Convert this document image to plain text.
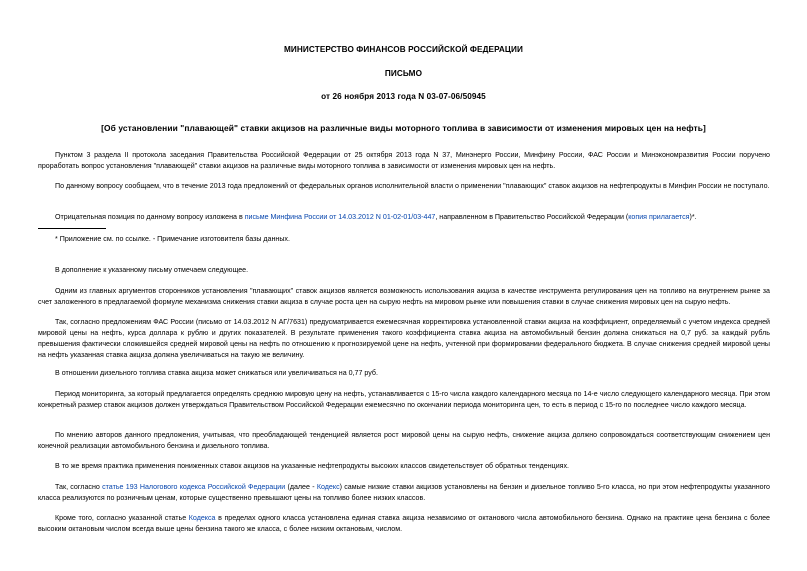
МИНИСТЕРСТВО ФИНАНСОВ РОССИЙСКОЙ ФЕДЕРАЦИИ
ПИСЬМО
от 26 ноября 2013 года N 03-07-06/50945
[Об установлении "плавающей" ставки акцизов на различные виды моторного топлива в зависимости от изменения мировых цен на нефть]
Пунктом 3 раздела II протокола заседания Правительства Российской Федерации от 25 октября 2013 года N 37, Минэнерго России, Минфину России, ФАС России и Минэкономразвития России поручено проработать вопрос установления "плавающей" ставки акцизов на различные виды моторного топлива в зависимости от изменения мировых цен на нефть.
По данному вопросу сообщаем, что в течение 2013 года предложений от федеральных органов исполнительной власти о применении "плавающих" ставок акцизов на нефтепродукты в Минфин России не поступало.
Отрицательная позиция по данному вопросу изложена в письме Минфина России от 14.03.2012 N 01-02-01/03-447, направленном в Правительство Российской Федерации (копия прилагается)*.
* Приложение см. по ссылке. - Примечание изготовителя базы данных.
В дополнение к указанному письму отмечаем следующее.
Одним из главных аргументов сторонников установления "плавающих" ставок акцизов является возможность использования акциза в качестве инструмента регулирования цен на топливо на внутреннем рынке за счет заложенного в предлагаемой формуле механизма снижения ставки акциза в случае роста цен на сырую нефть на мировом рынке или повышения ставки в случае снижения мировых цен на сырую нефть.
Так, согласно предложениям ФАС России (письмо от 14.03.2012 N АГ/7631) предусматривается ежемесячная корректировка установленной ставки акциза на коэффициент, определяемый с учетом индекса средней мировой цены на нефть, курса доллара к рублю и других показателей. В результате применения такого коэффициента ставка акциза на автомобильный бензин должна снижаться на 0,7 руб. за каждый рубль превышения фактически сложившейся средней мировой цены на нефть по отношению к прогнозируемой цене на нефть, учтенной при формировании федерального бюджета. В случае снижения средней мировой цены на нефть указанная ставка акциза должна увеличиваться на такую же величину.
В отношении дизельного топлива ставка акциза может снижаться или увеличиваться на 0,77 руб.
Период мониторинга, за который предлагается определять среднюю мировую цену на нефть, устанавливается с 15-го числа каждого календарного месяца по 14-е число следующего календарного месяца. При этом конкретный размер ставок акцизов должен утверждаться Правительством Российской Федерации ежемесячно по окончании периода мониторинга цен, то есть в период с 15-го по последнее число каждого месяца.
По мнению авторов данного предложения, учитывая, что преобладающей тенденцией является рост мировой цены на сырую нефть, снижение акциза должно сопровождаться соответствующим снижением цен конечной реализации автомобильного бензина и дизельного топлива.
В то же время практика применения пониженных ставок акцизов на указанные нефтепродукты высоких классов свидетельствует об обратных тенденциях.
Так, согласно статье 193 Налогового кодекса Российской Федерации (далее - Кодекс) самые низкие ставки акцизов установлены на бензин и дизельное топливо 5-го класса, но при этом нефтепродукты указанного класса реализуются по розничным ценам, которые существенно превышают цены на топливо более низких классов.
Кроме того, согласно указанной статье Кодекса в пределах одного класса установлена единая ставка акциза независимо от октанового числа автомобильного бензина. Однако на практике цена бензина с более высоким октановым числом всегда выше цены бензина такого же класса, с более низким октановым, числом.
